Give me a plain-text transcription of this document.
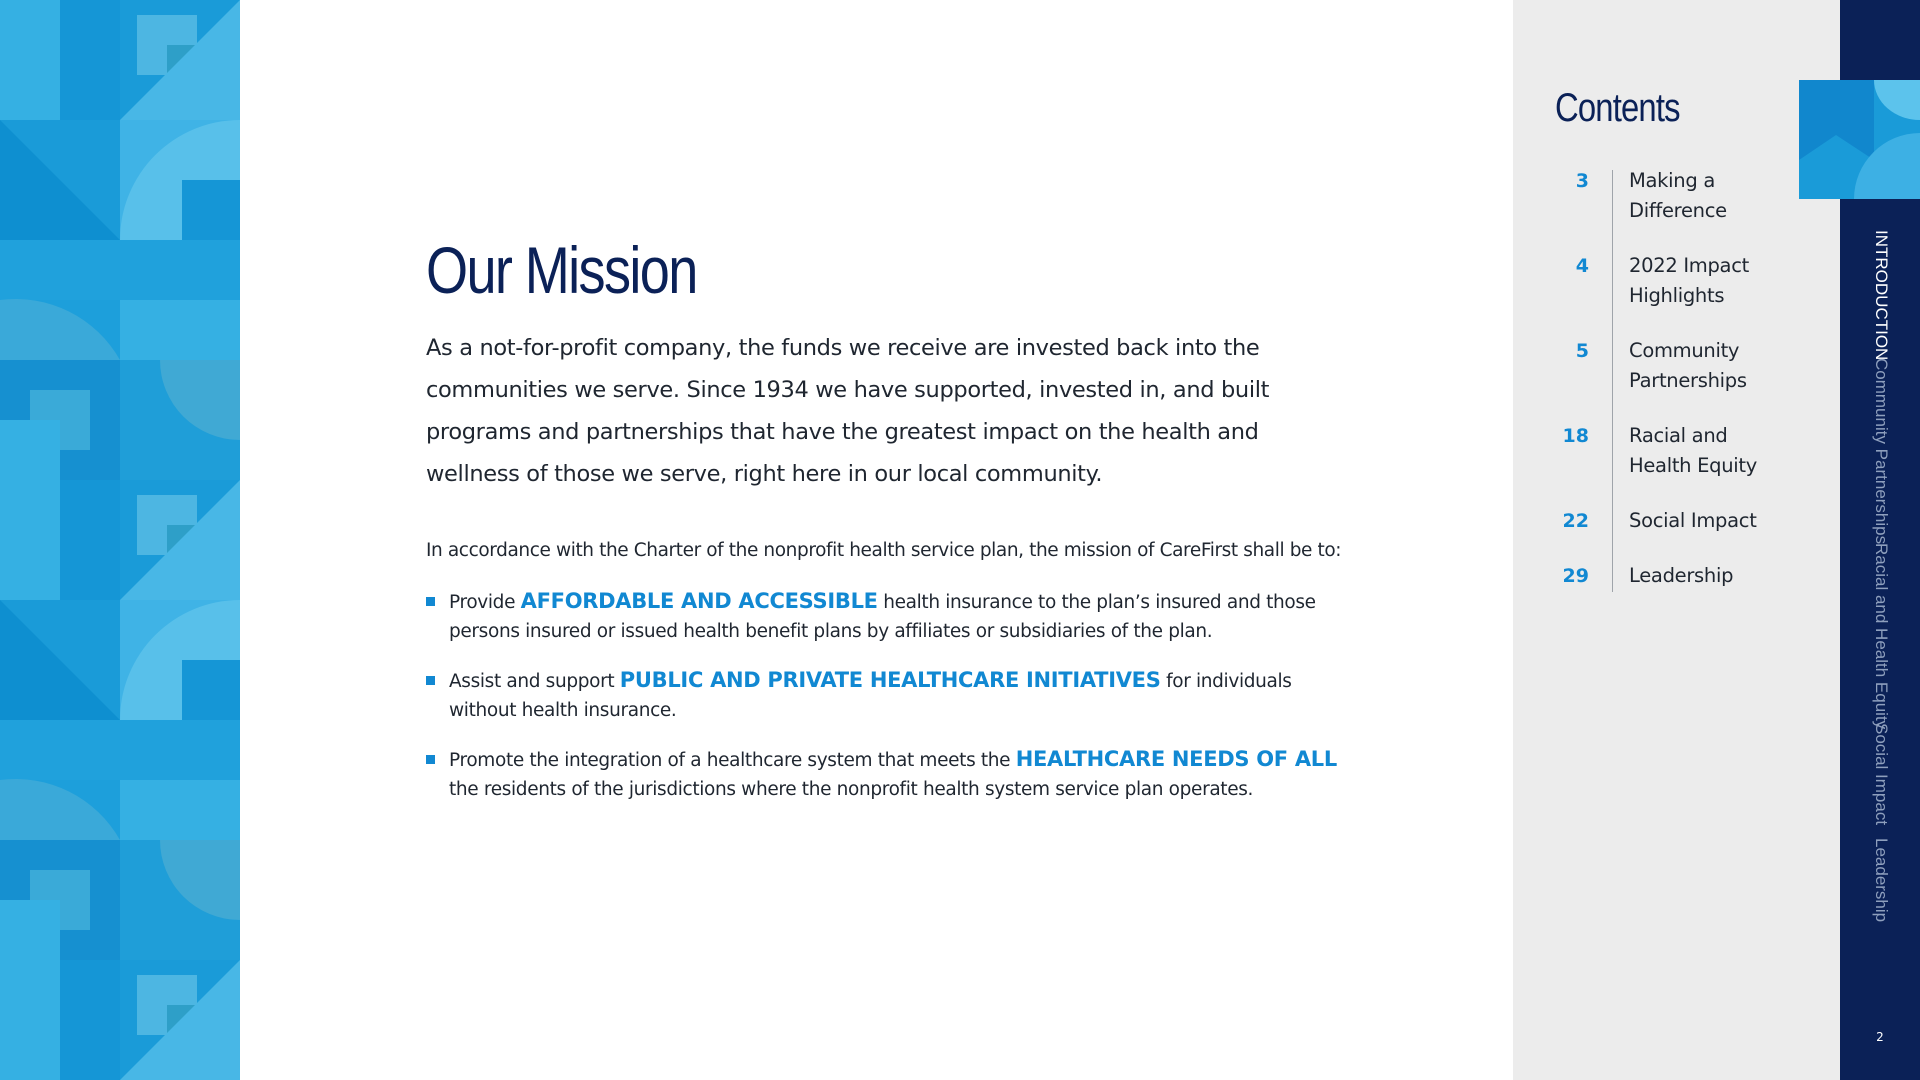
Our Mission

As a not-for-profit company, the funds we receive are invested back into the communities we serve. Since 1934 we have supported, invested in, and built programs and partnerships that have the greatest impact on the health and wellness of those we serve, right here in our local community.

In accordance with the Charter of the nonprofit health service plan, the mission of CareFirst shall be to:

Provide AFFORDABLE AND ACCESSIBLE health insurance to the plan’s insured and those persons insured or issued health benefit plans by affiliates or subsidiaries of the plan.
Assist and support PUBLIC AND PRIVATE HEALTHCARE INITIATIVES for individuals without health insurance.
Promote the integration of a healthcare system that meets the HEALTHCARE NEEDS OF ALL the residents of the jurisdictions where the nonprofit health system service plan operates.
Contents
3 Making a Difference
4 2022 Impact Highlights
5 Community Partnerships
18 Racial and Health Equity
22 Social Impact
29 Leadership
INTRODUCTION
Community Partnerships
Racial and Health Equity
Social Impact
Leadership
2
